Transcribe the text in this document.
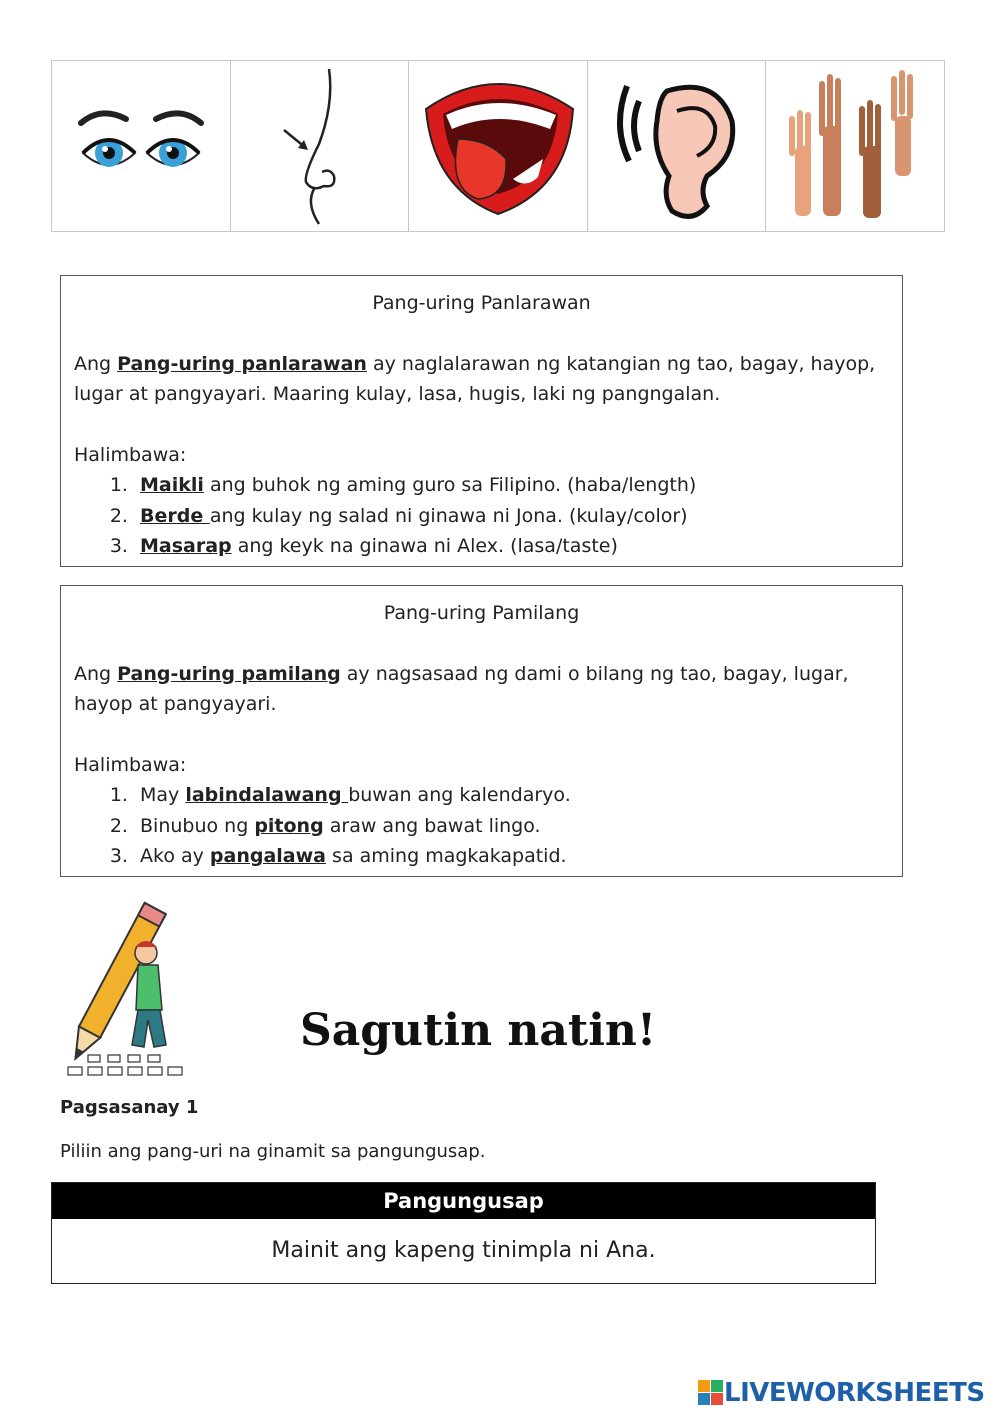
Pang-uring Panlarawan

Ang Pang-uring panlarawan ay naglalarawan ng katangian ng tao, bagay, hayop, lugar at pangyayari. Maaring kulay, lasa, hugis, laki ng pangngalan.

Halimbawa:

1. Maikli ang buhok ng aming guro sa Filipino. (haba/length)
2. Berde ang kulay ng salad ni ginawa ni Jona. (kulay/color)
3. Masarap ang keyk na ginawa ni Alex. (lasa/taste)
Pang-uring Pamilang

Ang Pang-uring pamilang ay nagsasaad ng dami o bilang ng tao, bagay, lugar, hayop at pangyayari.

Halimbawa:

1. May labindalawang buwan ang kalendaryo.
2. Binubuo ng pitong araw ang bawat lingo.
3. Ako ay pangalawa sa aming magkakapatid.
Sagutin natin!
Pagsasanay 1
Piliin ang pang-uri na ginamit sa pangungusap.
Pangungusap
Mainit ang kapeng tinimpla ni Ana.
LIVEWORKSHEETS
